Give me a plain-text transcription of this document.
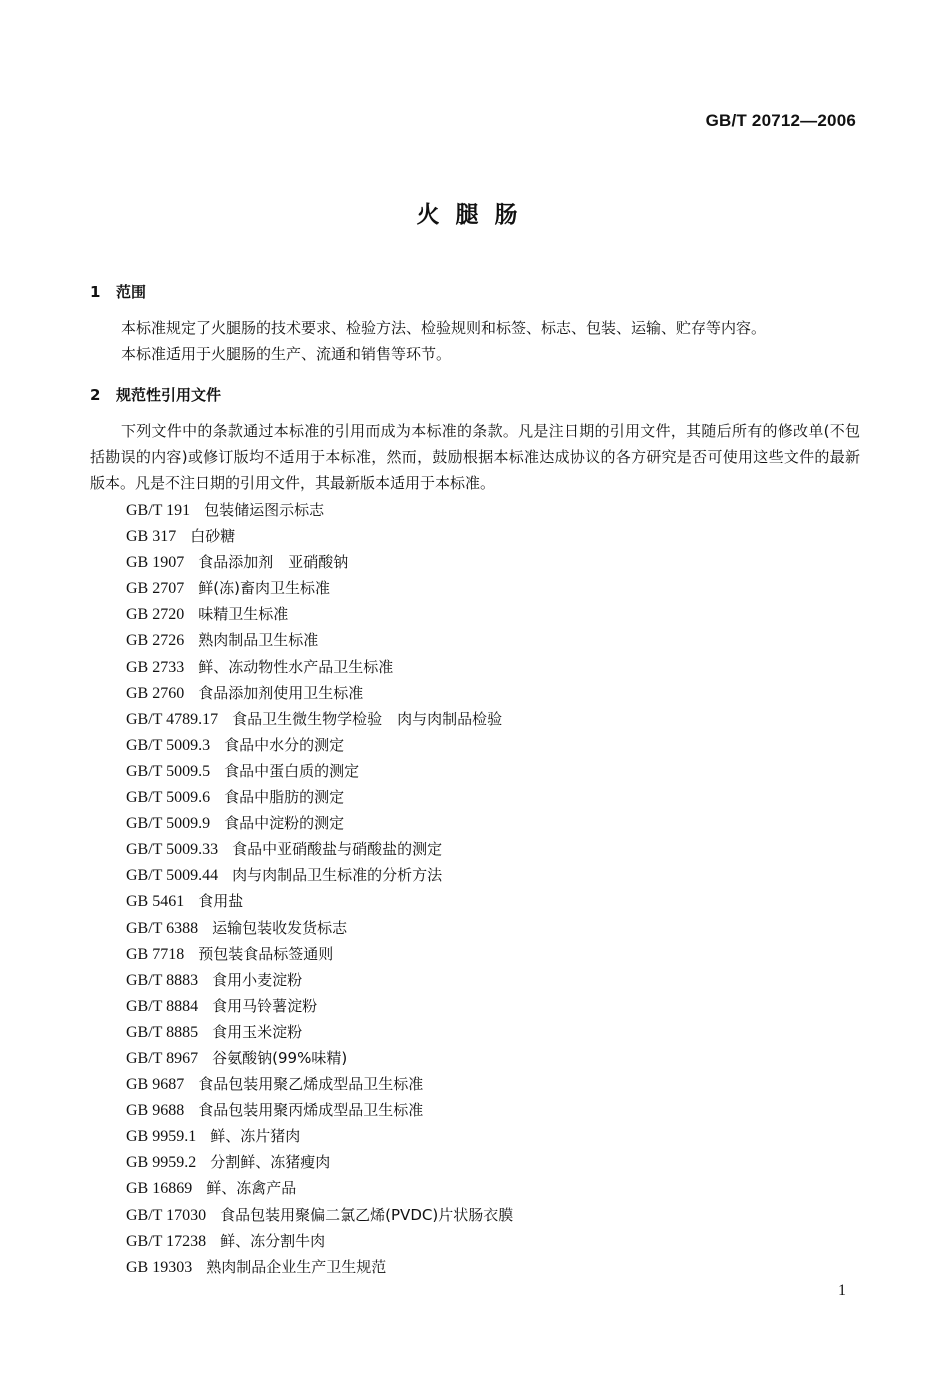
GB/T 20712—2006
火腿肠
1 范围
本标准规定了火腿肠的技术要求、检验方法、检验规则和标签、标志、包装、运输、贮存等内容。
本标准适用于火腿肠的生产、流通和销售等环节。
2 规范性引用文件
下列文件中的条款通过本标准的引用而成为本标准的条款。凡是注日期的引用文件，其随后所有的修改单(不包括勘误的内容)或修订版均不适用于本标准，然而，鼓励根据本标准达成协议的各方研究是否可使用这些文件的最新版本。凡是不注日期的引用文件，其最新版本适用于本标准。
GB/T 191 包装储运图示标志
GB 317 白砂糖
GB 1907 食品添加剂　亚硝酸钠
GB 2707 鲜(冻)畜肉卫生标准
GB 2720 味精卫生标准
GB 2726 熟肉制品卫生标准
GB 2733 鲜、冻动物性水产品卫生标准
GB 2760 食品添加剂使用卫生标准
GB/T 4789.17 食品卫生微生物学检验　肉与肉制品检验
GB/T 5009.3 食品中水分的测定
GB/T 5009.5 食品中蛋白质的测定
GB/T 5009.6 食品中脂肪的测定
GB/T 5009.9 食品中淀粉的测定
GB/T 5009.33 食品中亚硝酸盐与硝酸盐的测定
GB/T 5009.44 肉与肉制品卫生标准的分析方法
GB 5461 食用盐
GB/T 6388 运输包装收发货标志
GB 7718 预包装食品标签通则
GB/T 8883 食用小麦淀粉
GB/T 8884 食用马铃薯淀粉
GB/T 8885 食用玉米淀粉
GB/T 8967 谷氨酸钠(99%味精)
GB 9687 食品包装用聚乙烯成型品卫生标准
GB 9688 食品包装用聚丙烯成型品卫生标准
GB 9959.1 鲜、冻片猪肉
GB 9959.2 分割鲜、冻猪瘦肉
GB 16869 鲜、冻禽产品
GB/T 17030 食品包装用聚偏二氯乙烯(PVDC)片状肠衣膜
GB/T 17238 鲜、冻分割牛肉
GB 19303 熟肉制品企业生产卫生规范
1
